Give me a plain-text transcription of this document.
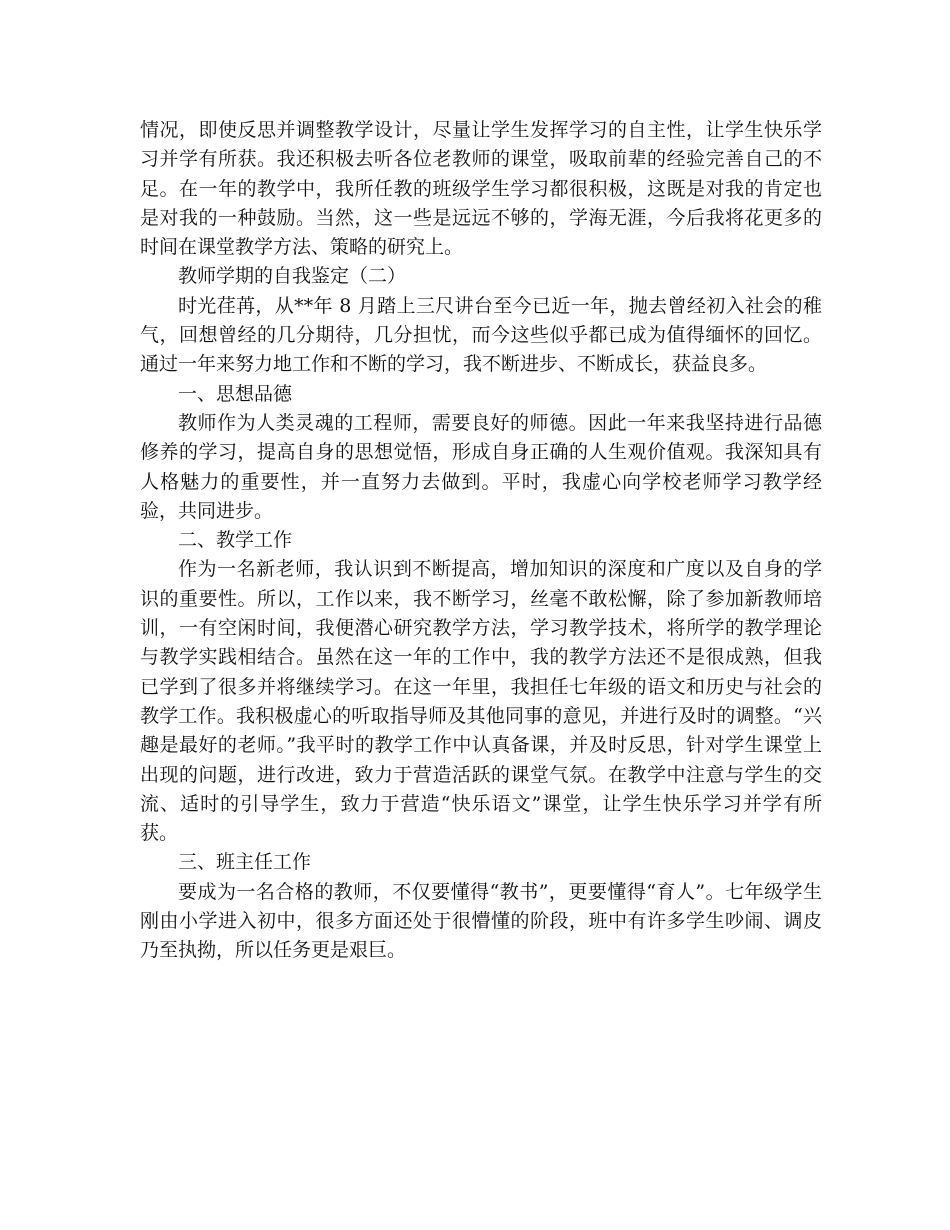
情况，即使反思并调整教学设计，尽量让学生发挥学习的自主性，让学生快乐学习并学有所获。我还积极去听各位老教师的课堂，吸取前辈的经验完善自己的不足。在一年的教学中，我所任教的班级学生学习都很积极，这既是对我的肯定也是对我的一种鼓励。当然，这一些是远远不够的，学海无涯，今后我将花更多的时间在课堂教学方法、策略的研究上。

教师学期的自我鉴定（二）

时光荏苒，从**年 8 月踏上三尺讲台至今已近一年，抛去曾经初入社会的稚气，回想曾经的几分期待，几分担忧，而今这些似乎都已成为值得缅怀的回忆。通过一年来努力地工作和不断的学习，我不断进步、不断成长，获益良多。

一、思想品德

教师作为人类灵魂的工程师，需要良好的师德。因此一年来我坚持进行品德修养的学习，提高自身的思想觉悟，形成自身正确的人生观价值观。我深知具有人格魅力的重要性，并一直努力去做到。平时，我虚心向学校老师学习教学经验，共同进步。

二、教学工作

作为一名新老师，我认识到不断提高，增加知识的深度和广度以及自身的学识的重要性。所以，工作以来，我不断学习，丝毫不敢松懈，除了参加新教师培训，一有空闲时间，我便潜心研究教学方法，学习教学技术，将所学的教学理论与教学实践相结合。虽然在这一年的工作中，我的教学方法还不是很成熟，但我已学到了很多并将继续学习。在这一年里，我担任七年级的语文和历史与社会的教学工作。我积极虚心的听取指导师及其他同事的意见，并进行及时的调整。“兴趣是最好的老师。”我平时的教学工作中认真备课，并及时反思，针对学生课堂上出现的问题，进行改进，致力于营造活跃的课堂气氛。在教学中注意与学生的交流、适时的引导学生，致力于营造“快乐语文”课堂，让学生快乐学习并学有所获。

三、班主任工作

要成为一名合格的教师，不仅要懂得“教书”，更要懂得“育人”。七年级学生刚由小学进入初中，很多方面还处于很懵懂的阶段，班中有许多学生吵闹、调皮乃至执拗，所以任务更是艰巨。
